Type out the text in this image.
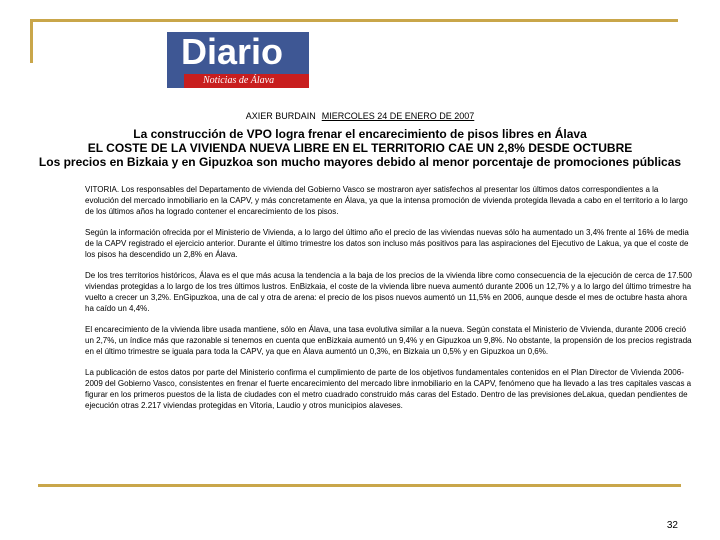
Diario
Noticias de Álava
AXIER BURDAIN MIERCOLES 24 DE ENERO DE 2007
La construcción de VPO logra frenar el encarecimiento de pisos libres en Álava
EL COSTE DE LA VIVIENDA NUEVA LIBRE EN EL TERRITORIO CAE UN 2,8% DESDE OCTUBRE
Los precios en Bizkaia y en Gipuzkoa son mucho mayores debido al menor porcentaje de promociones públicas

VITORIA. Los responsables del Departamento de vivienda del Gobierno Vasco se mostraron ayer satisfechos al presentar los últimos datos correspondientes a la evolución del mercado inmobiliario en la CAPV, y más concretamente en Álava, ya que la intensa promoción de vivienda protegida llevada a cabo en el territorio a lo largo de los últimos años ha logrado contener el encarecimiento de los pisos.

Según la información ofrecida por el Ministerio de Vivienda, a lo largo del último año el precio de las viviendas nuevas sólo ha aumentado un 3,4% frente al 16% de media de la CAPV registrado el ejercicio anterior. Durante el último trimestre los datos son incluso más positivos para las aspiraciones del Ejecutivo de Lakua, ya que el coste de los pisos ha descendido un 2,8% en Álava.

De los tres territorios históricos, Álava es el que más acusa la tendencia a la baja de los precios de la vivienda libre como consecuencia de la ejecución de cerca de 17.500 viviendas protegidas a lo largo de los tres últimos lustros. EnBizkaia, el coste de la vivienda libre nueva aumentó durante 2006 un 12,7% y a lo largo del último trimestre ha vuelto a crecer un 3,2%. EnGipuzkoa, una de cal y otra de arena: el precio de los pisos nuevos aumentó un 11,5% en 2006, aunque desde el mes de octubre hasta ahora ha caído un 4,4%.

El encarecimiento de la vivienda libre usada mantiene, sólo en Álava, una tasa evolutiva similar a la nueva. Según constata el Ministerio de Vivienda, durante 2006 creció un 2,7%, un índice más que razonable si tenemos en cuenta que enBizkaia aumentó un 9,4% y en Gipuzkoa un 9,8%. No obstante, la propensión de los precios registrada en el último trimestre se iguala para toda la CAPV, ya que en Álava aumentó un 0,3%, en Bizkaia un 0,5% y en Gipuzkoa un 0,6%.

La publicación de estos datos por parte del Ministerio confirma el cumplimiento de parte de los objetivos fundamentales contenidos en el Plan Director de Vivienda 2006-2009 del Gobierno Vasco, consistentes en frenar el fuerte encarecimiento del mercado libre inmobiliario en la CAPV, fenómeno que ha llevado a las tres capitales vascas a figurar en los primeros puestos de la lista de ciudades con el metro cuadrado construido más caras del Estado. Dentro de las previsiones deLakua, quedan pendientes de ejecución otras 2.217 viviendas protegidas en Vitoria, Laudio y otros municipios alaveses.

32
